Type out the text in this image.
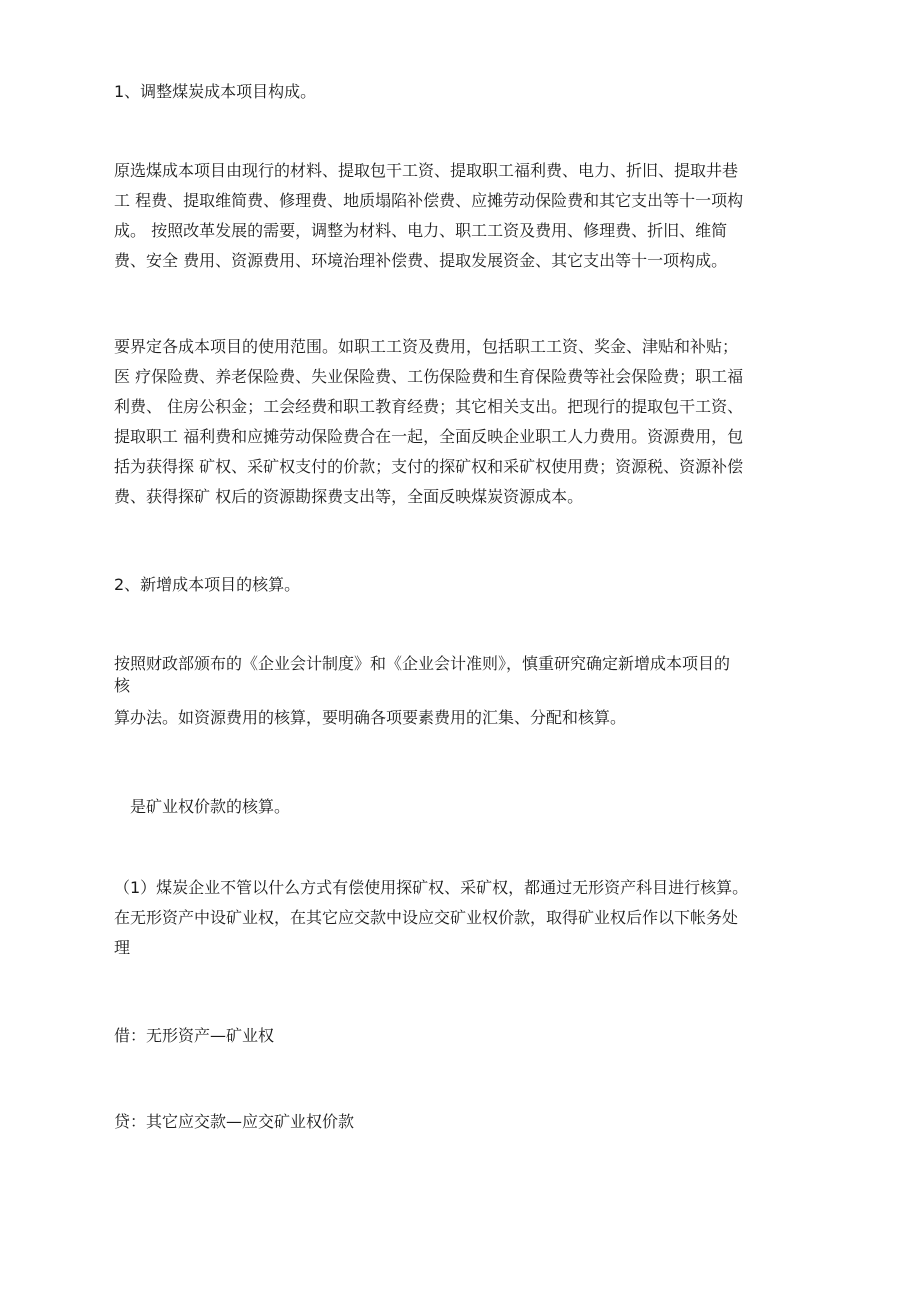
1、调整煤炭成本项目构成。

原选煤成本项目由现行的材料、提取包干工资、提取职工福利费、电力、折旧、提取井巷
工 程费、提取维简费、修理费、地质塌陷补偿费、应摊劳动保险费和其它支出等十一项构
成。 按照改革发展的需要，调整为材料、电力、职工工资及费用、修理费、折旧、维简
费、安全 费用、资源费用、环境治理补偿费、提取发展资金、其它支出等十一项构成。

要界定各成本项目的使用范围。如职工工资及费用，包括职工工资、奖金、津贴和补贴；
医 疗保险费、养老保险费、失业保险费、工伤保险费和生育保险费等社会保险费；职工福
利费、 住房公积金；工会经费和职工教育经费；其它相关支出。把现行的提取包干工资、
提取职工 福利费和应摊劳动保险费合在一起，全面反映企业职工人力费用。资源费用，包
括为获得探 矿权、采矿权支付的价款；支付的探矿权和采矿权使用费；资源税、资源补偿
费、获得探矿 权后的资源勘探费支出等，全面反映煤炭资源成本。

2、新增成本项目的核算。

按照财政部颁布的《企业会计制度》和《企业会计准则》，慎重研究确定新增成本项目的
核
算办法。如资源费用的核算，要明确各项要素费用的汇集、分配和核算。

是矿业权价款的核算。

（1）煤炭企业不管以什么方式有偿使用探矿权、采矿权，都通过无形资产科目进行核算。
在无形资产中设矿业权，在其它应交款中设应交矿业权价款，取得矿业权后作以下帐务处
理

借：无形资产—矿业权

贷：其它应交款—应交矿业权价款
